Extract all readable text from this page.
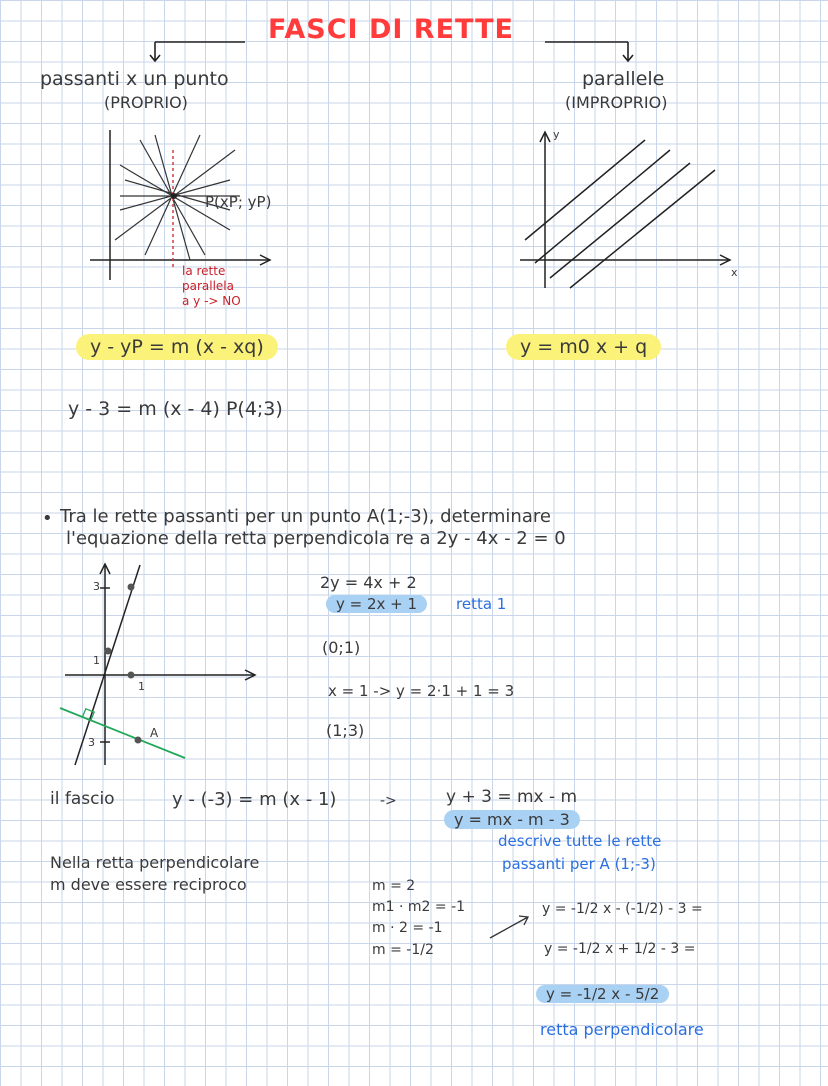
FASCI DI RETTE
passanti x un punto
(PROPRIO)
parallele
(IMPROPRIO)
P(xP; yP)
la rette
parallela
a y -> NO
y
x
y - yP = m (x - xq)	y = m0 x + q
y - 3 = m (x - 4) P(4;3)
• Tra le rette passanti per un punto A(1;-3), determinare
l'equazione della retta perpendicola re a 2y - 4x - 2 = 0
3
1
1
3
A
2y = 4x + 2
y = 2x + 1	retta 1
(0;1)
x = 1 -> y = 2·1 + 1 = 3
(1;3)
il fascio	y - (-3) = m (x - 1)	->	y + 3 = mx - m
y = mx - m - 3
descrive tutte le rette
passanti per A (1;-3)
Nella retta perpendicolare
m deve essere reciproco	m = 2
m1 · m2 = -1
m · 2 = -1
m = -1/2
y = -1/2 x - (-1/2) - 3 =
y = -1/2 x + 1/2 - 3 =
y = -1/2 x - 5/2
retta perpendicolare
